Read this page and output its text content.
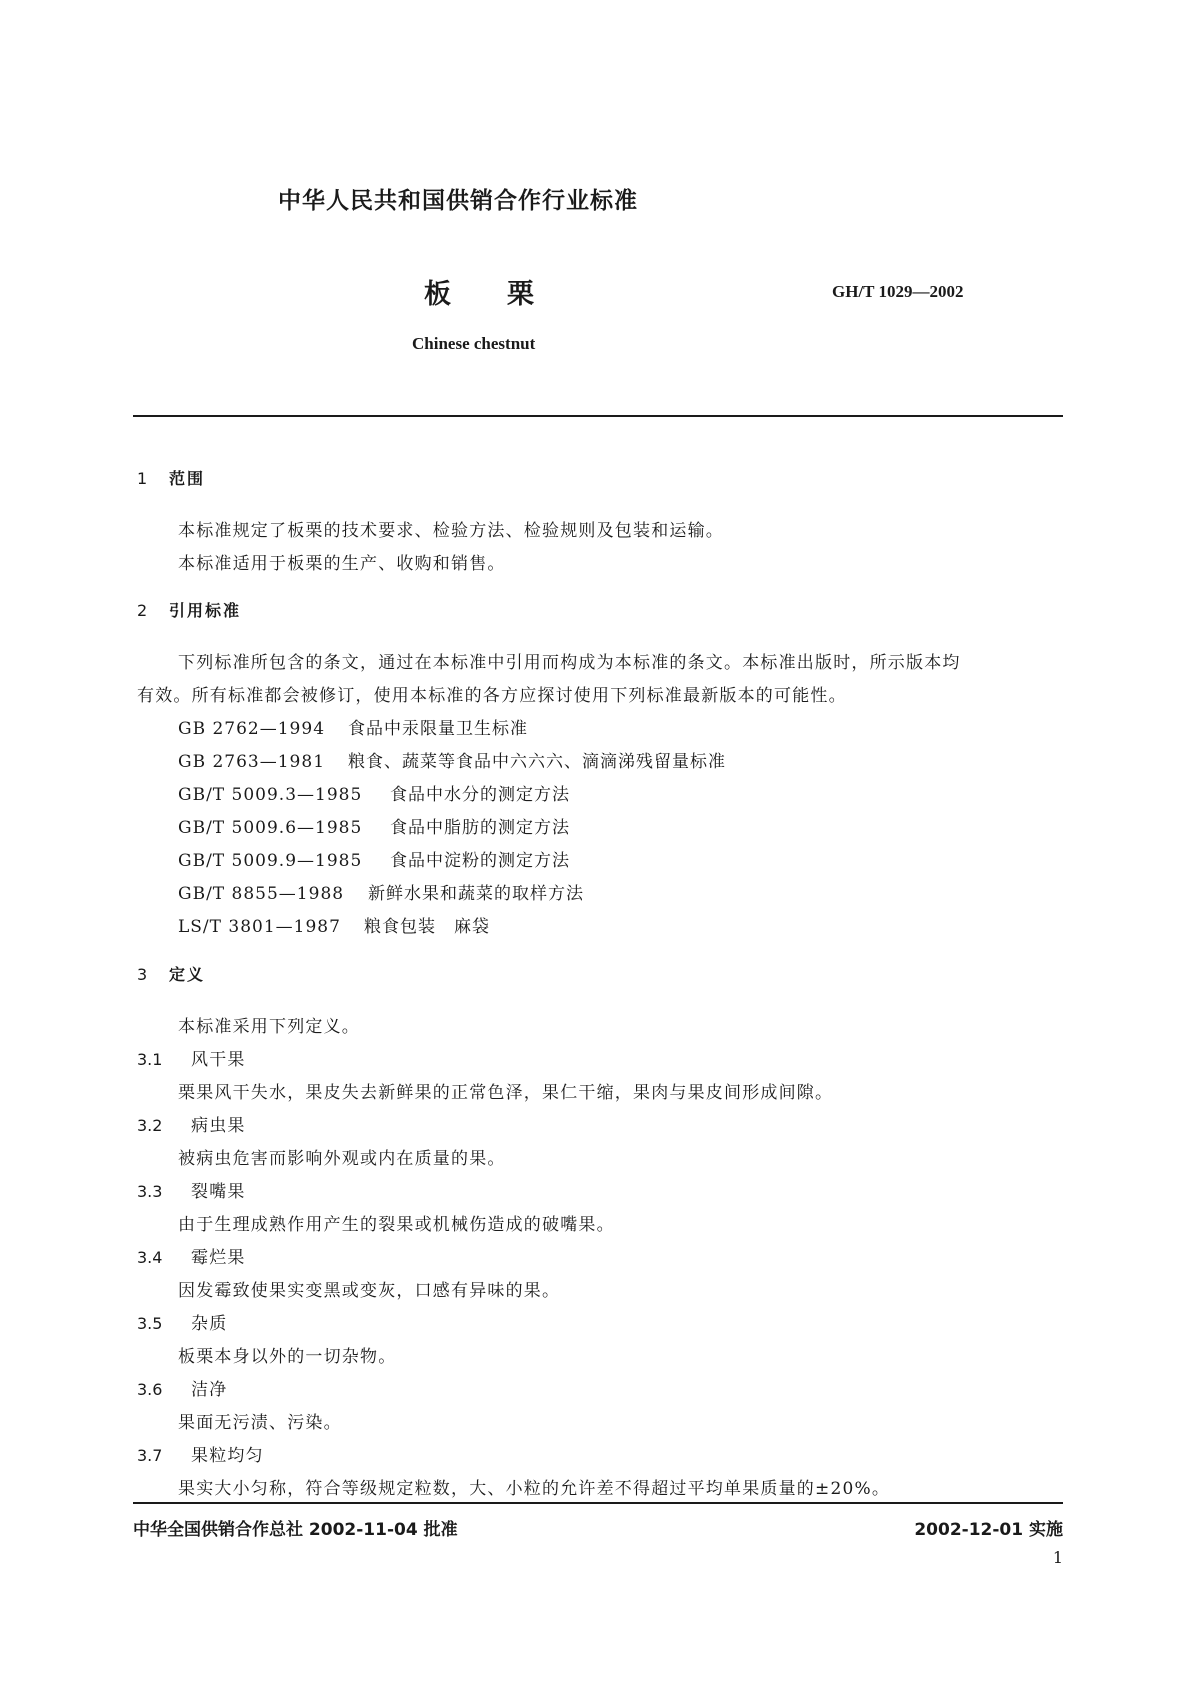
中华人民共和国供销合作行业标准
板 栗	GH/T 1029—2002
Chinese chestnut
1 范围
本标准规定了板栗的技术要求、检验方法、检验规则及包装和运输。
本标准适用于板栗的生产、收购和销售。
2 引用标准
下列标准所包含的条文，通过在本标准中引用而构成为本标准的条文。本标准出版时，所示版本均
有效。所有标准都会被修订，使用本标准的各方应探讨使用下列标准最新版本的可能性。
GB 2762—1994 食品中汞限量卫生标准
GB 2763—1981 粮食、蔬菜等食品中六六六、滴滴涕残留量标准
GB/T 5009.3—1985 食品中水分的测定方法
GB/T 5009.6—1985 食品中脂肪的测定方法
GB/T 5009.9—1985 食品中淀粉的测定方法
GB/T 8855—1988 新鲜水果和蔬菜的取样方法
LS/T 3801—1987 粮食包装　麻袋
3 定义
本标准采用下列定义。
3.1 风干果
栗果风干失水，果皮失去新鲜果的正常色泽，果仁干缩，果肉与果皮间形成间隙。
3.2 病虫果
被病虫危害而影响外观或内在质量的果。
3.3 裂嘴果
由于生理成熟作用产生的裂果或机械伤造成的破嘴果。
3.4 霉烂果
因发霉致使果实变黑或变灰，口感有异味的果。
3.5 杂质
板栗本身以外的一切杂物。
3.6 洁净
果面无污渍、污染。
3.7 果粒均匀
果实大小匀称，符合等级规定粒数，大、小粒的允许差不得超过平均单果质量的±20%。
中华全国供销合作总社 2002-11-04 批准	2002-12-01 实施
1
